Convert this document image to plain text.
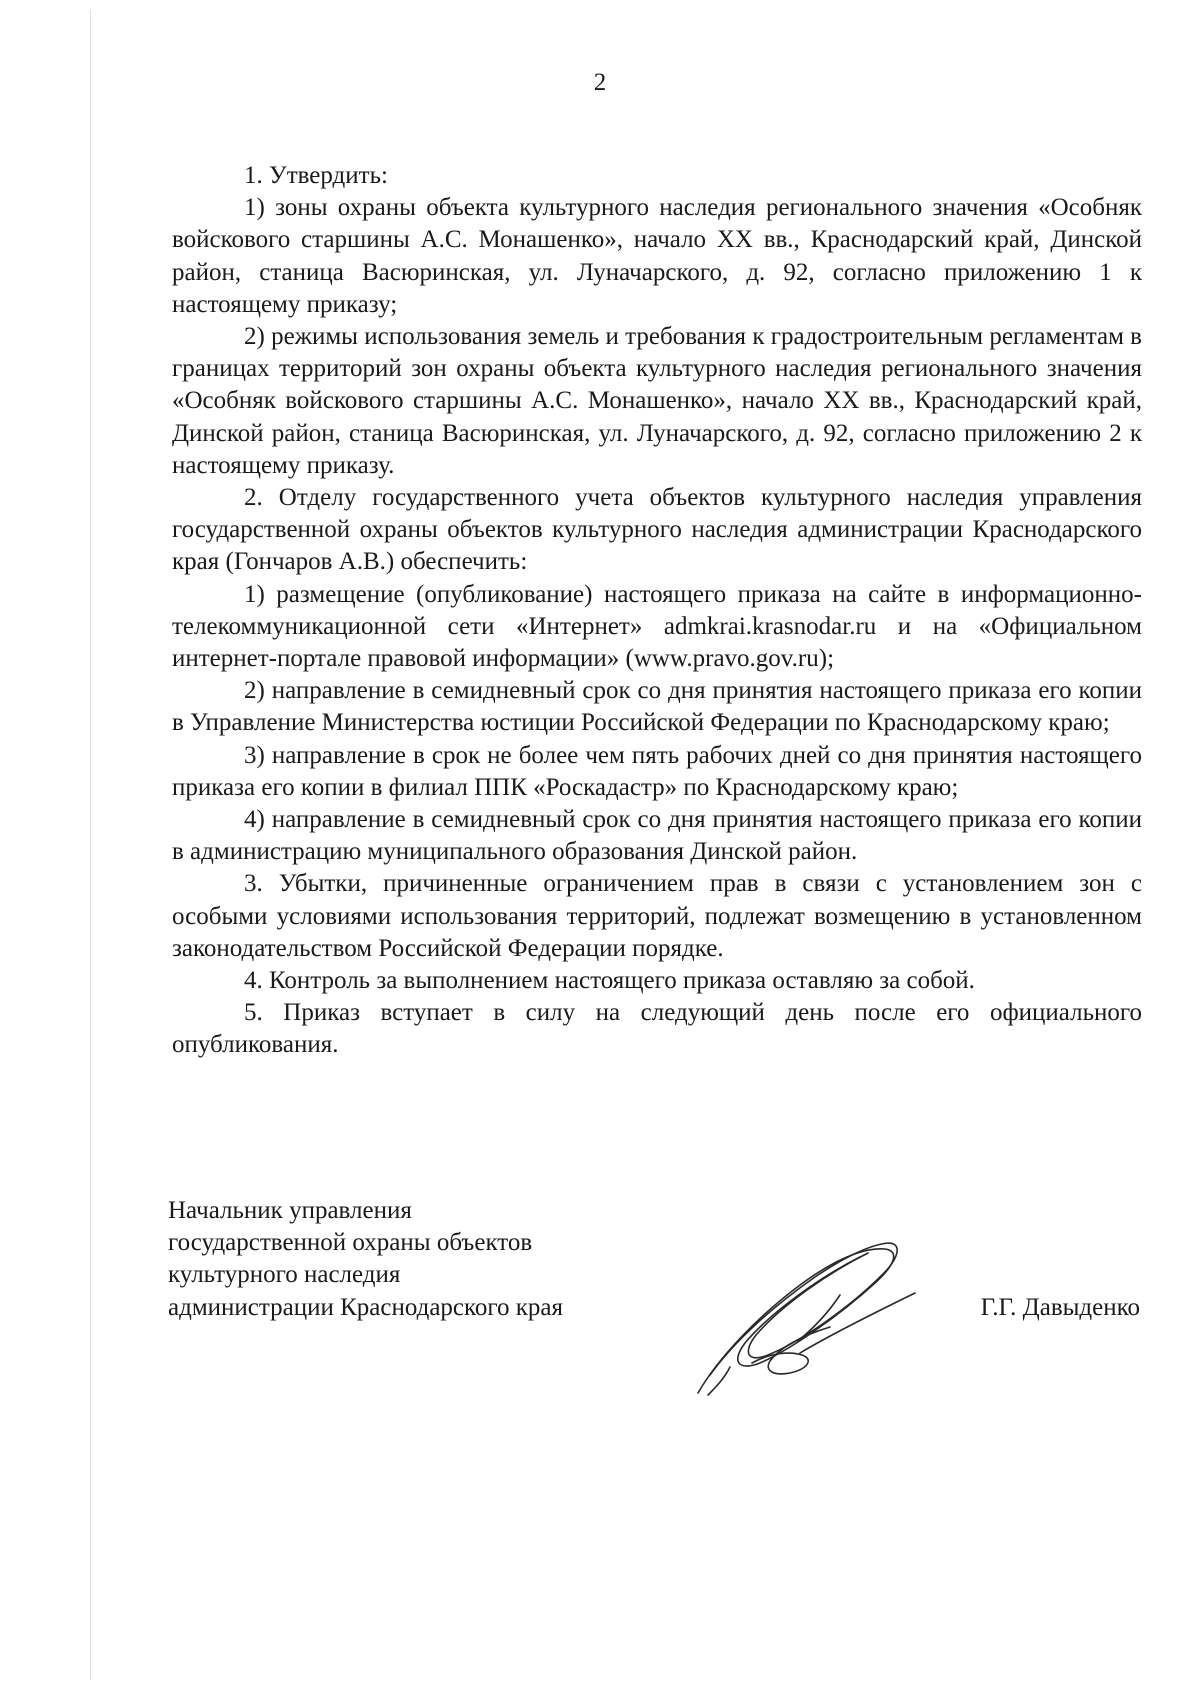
2

1. Утвердить:

1) зоны охраны объекта культурного наследия регионального значения «Особняк войскового старшины А.С. Монашенко», начало XX вв., Краснодарский край, Динской район, станица Васюринская, ул. Луначарского, д. 92, согласно приложению 1 к настоящему приказу;

2) режимы использования земель и требования к градостроительным регламентам в границах территорий зон охраны объекта культурного наследия регионального значения «Особняк войскового старшины А.С. Монашенко», начало XX вв., Краснодарский край, Динской район, станица Васюринская, ул. Луначарского, д. 92, согласно приложению 2 к настоящему приказу.

2. Отделу государственного учета объектов культурного наследия управления государственной охраны объектов культурного наследия администрации Краснодарского края (Гончаров А.В.) обеспечить:

1) размещение (опубликование) настоящего приказа на сайте в информационно-телекоммуникационной сети «Интернет» admkrai.krasnodar.ru и на «Официальном интернет-портале правовой информации» (www.pravo.gov.ru);

2) направление в семидневный срок со дня принятия настоящего приказа его копии в Управление Министерства юстиции Российской Федерации по Краснодарскому краю;

3) направление в срок не более чем пять рабочих дней со дня принятия настоящего приказа его копии в филиал ППК «Роскадастр» по Краснодарскому краю;

4) направление в семидневный срок со дня принятия настоящего приказа его копии в администрацию муниципального образования Динской район.

3. Убытки, причиненные ограничением прав в связи с установлением зон с особыми условиями использования территорий, подлежат возмещению в установленном законодательством Российской Федерации порядке.

4. Контроль за выполнением настоящего приказа оставляю за собой.

5. Приказ вступает в силу на следующий день после его официального опубликования.

Начальник управления
государственной охраны объектов
культурного наследия
администрации Краснодарского края	Г.Г. Давыденко
